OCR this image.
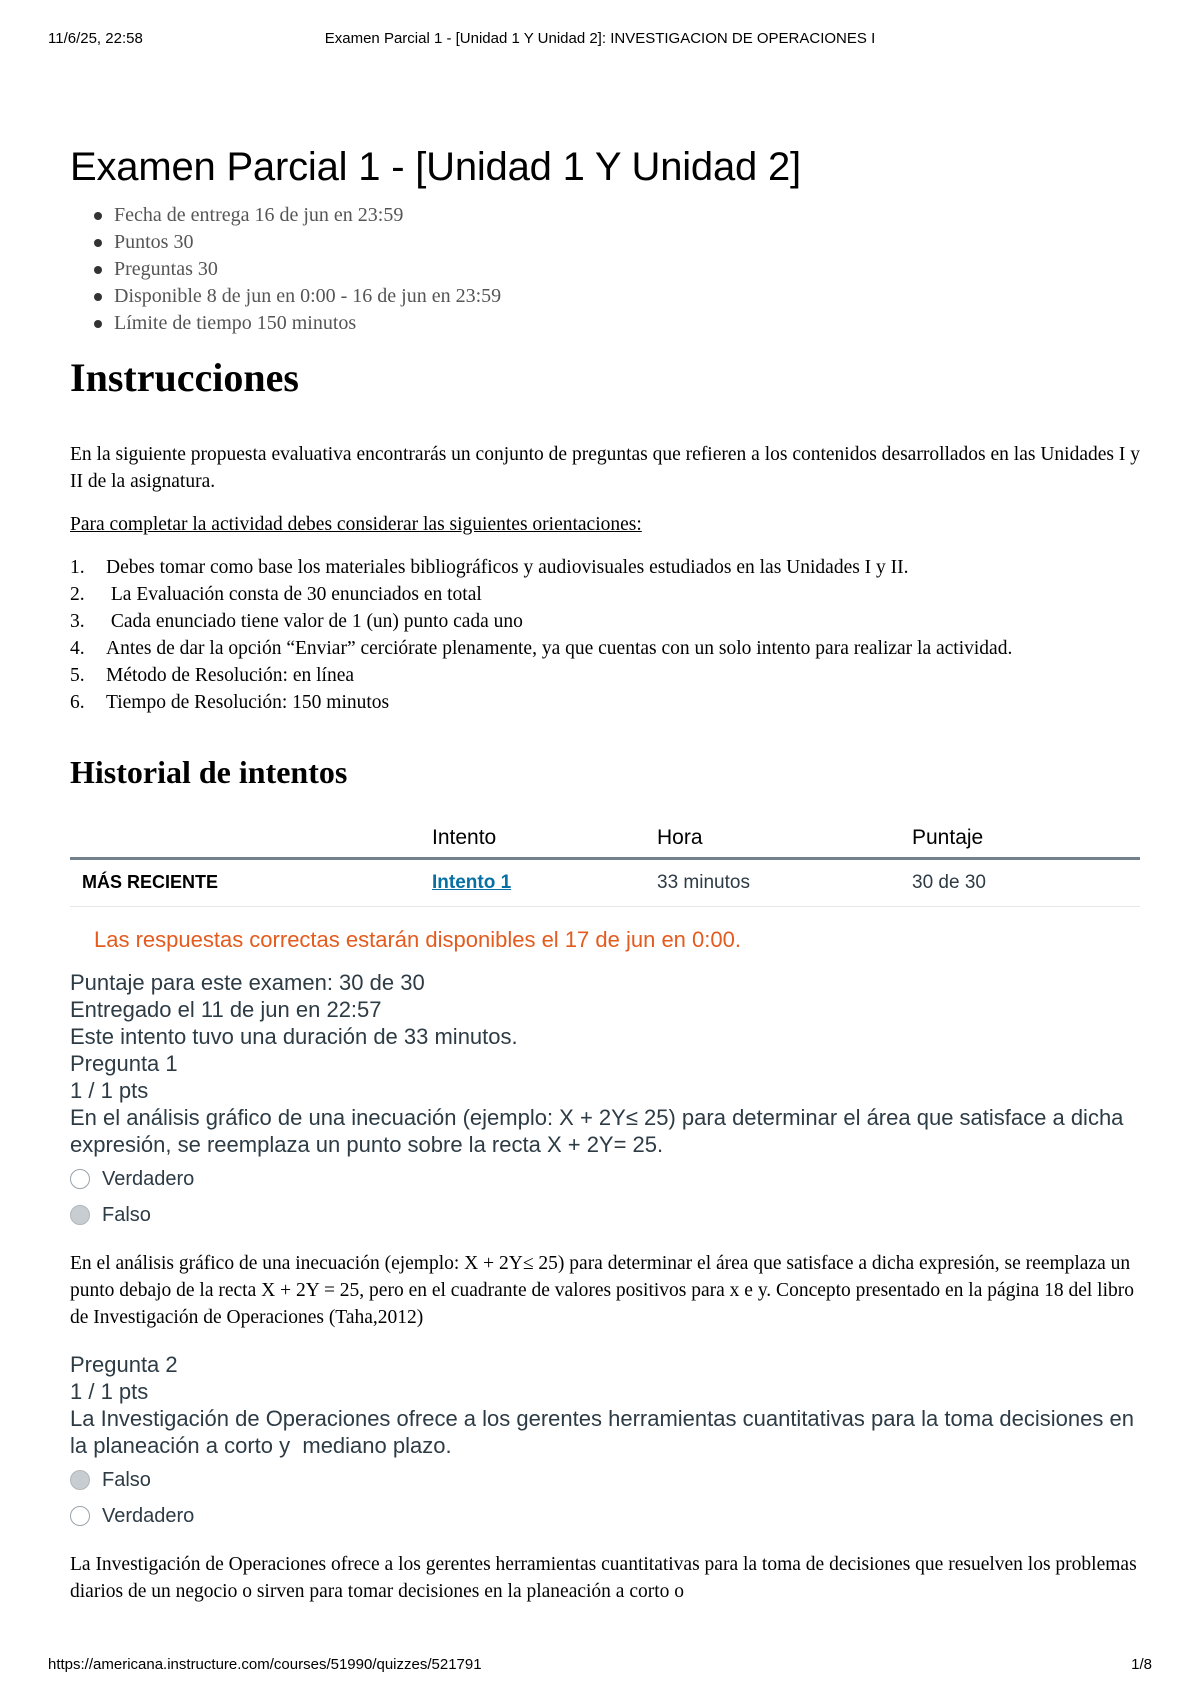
11/6/25, 22:58	Examen Parcial 1 - [Unidad 1 Y Unidad 2]: INVESTIGACION DE OPERACIONES I
Examen Parcial 1 - [Unidad 1 Y Unidad 2]
Fecha de entrega 16 de jun en 23:59
Puntos 30
Preguntas 30
Disponible 8 de jun en 0:00 - 16 de jun en 23:59
Límite de tiempo 150 minutos
Instrucciones

En la siguiente propuesta evaluativa encontrarás un conjunto de preguntas que refieren a los contenidos desarrollados en las Unidades I y II de la asignatura.

Para completar la actividad debes considerar las siguientes orientaciones:

1.	Debes tomar como base los materiales bibliográficos y audiovisuales estudiados en las Unidades I y II.
2.	La Evaluación consta de 30 enunciados en total
3.	Cada enunciado tiene valor de 1 (un) punto cada uno
4. Antes de dar la opción “Enviar” cerciórate plenamente, ya que cuentas con un solo intento para realizar la actividad.
5.	Método de Resolución: en línea
6.	Tiempo de Resolución: 150 minutos
Historial de intentos
	Intento	Hora	Puntaje
MÁS RECIENTE	Intento 1	33 minutos	30 de 30
Las respuestas correctas estarán disponibles el 17 de jun en 0:00.
Puntaje para este examen: 30 de 30
Entregado el 11 de jun en 22:57
Este intento tuvo una duración de 33 minutos.
Pregunta 1
1 / 1 pts
En el análisis gráfico de una inecuación (ejemplo: X + 2Y≤ 25) para determinar el área que satisface a dicha expresión, se reemplaza un punto sobre la recta X + 2Y= 25.
Verdadero
Falso

En el análisis gráfico de una inecuación (ejemplo: X + 2Y≤ 25) para determinar el área que satisface a dicha expresión, se reemplaza un punto debajo de la recta X + 2Y = 25, pero en el cuadrante de valores positivos para x e y. Concepto presentado en la página 18 del libro de Investigación de Operaciones (Taha,2012)

Pregunta 2
1 / 1 pts
La Investigación de Operaciones ofrece a los gerentes herramientas cuantitativas para la toma decisiones en la planeación a corto y  mediano plazo.
Falso
Verdadero

La Investigación de Operaciones ofrece a los gerentes herramientas cuantitativas para la toma de decisiones que resuelven los problemas diarios de un negocio o sirven para tomar decisiones en la planeación a corto o

https://americana.instructure.com/courses/51990/quizzes/521791	1/8
